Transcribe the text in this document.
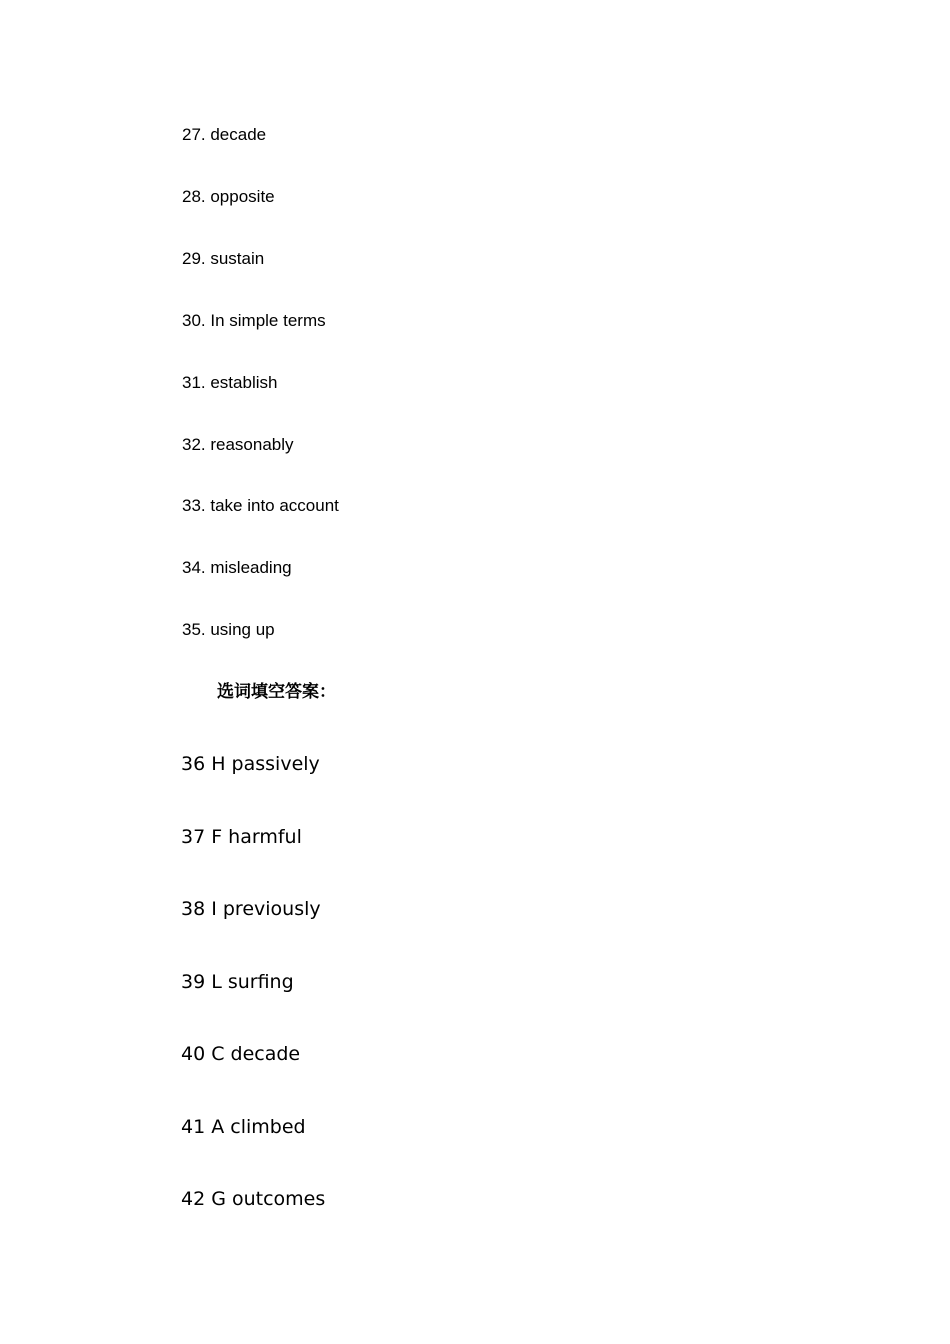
27. decade
28. opposite
29. sustain
30. In simple terms
31. establish
32. reasonably
33. take into account
34. misleading
35. using up
选词填空答案：
36 H passively
37 F harmful
38 I previously
39 L surfing
40 C decade
41 A climbed
42 G outcomes
